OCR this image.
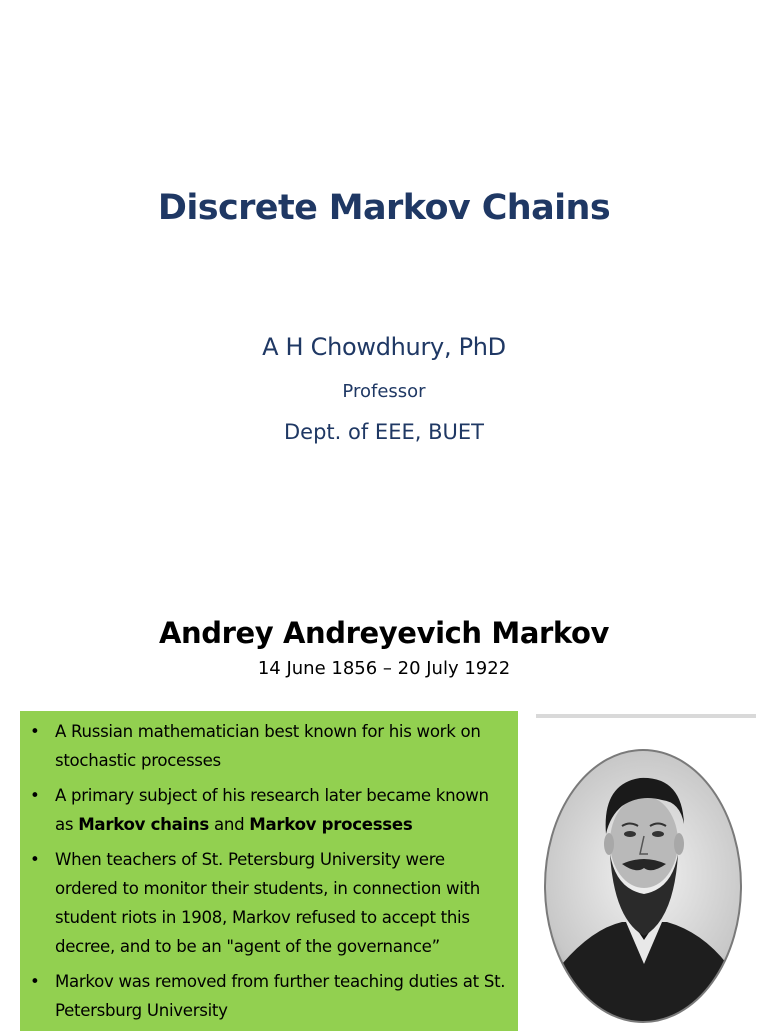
Discrete Markov Chains
A H Chowdhury, PhD
Professor
Dept. of EEE, BUET
Andrey Andreyevich Markov
14 June 1856 – 20 July 1922
• A Russian mathematician best known for his work on stochastic processes
• A primary subject of his research later became known as Markov chains and Markov processes
• When teachers of St. Petersburg University were ordered to monitor their students, in connection with student riots in 1908, Markov refused to accept this decree, and to be an "agent of the governance”
• Markov was removed from further teaching duties at St. Petersburg University
